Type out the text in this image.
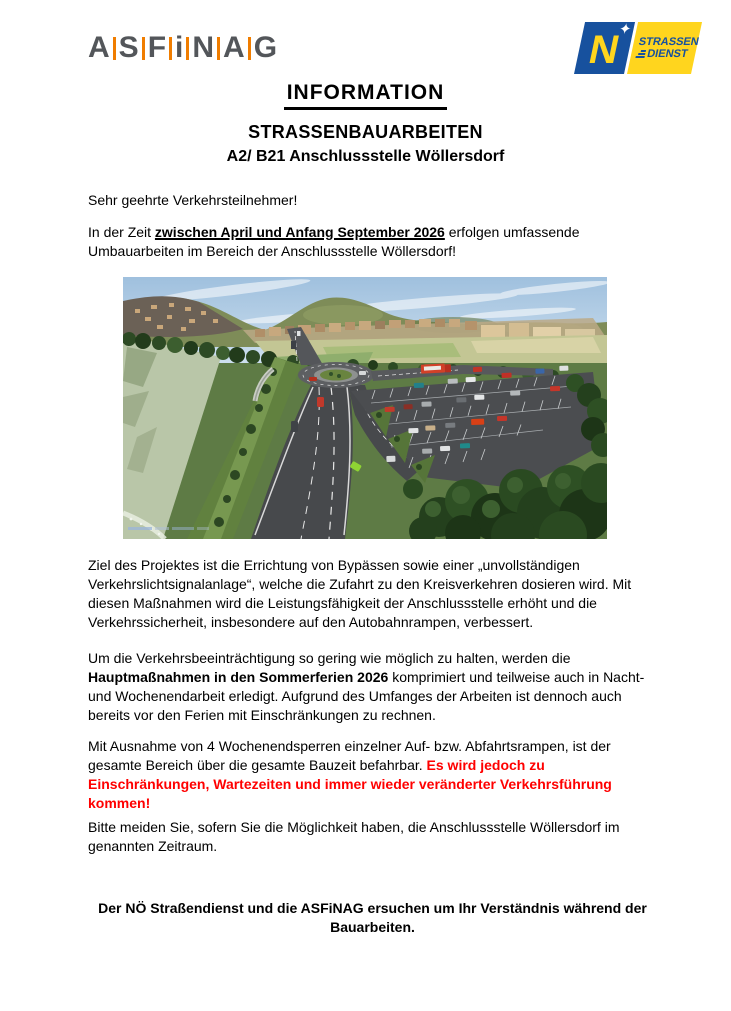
A S F i N A G	N
✦
STRASSEN
DIENST
INFORMATION
STRASSENBAUARBEITEN
A2/ B21 Anschlussstelle Wöllersdorf

Sehr geehrte Verkehrsteilnehmer!

In der Zeit zwischen April und Anfang September 2026 erfolgen umfassende Umbauarbeiten im Bereich der Anschlussstelle Wöllersdorf!

Ziel des Projektes ist die Errichtung von Bypässen sowie einer „unvollständigen Verkehrslichtsignalanlage“, welche die Zufahrt zu den Kreisverkehren dosieren wird. Mit diesen Maßnahmen wird die Leistungsfähigkeit der Anschlussstelle erhöht und die Verkehrssicherheit, insbesondere auf den Autobahnrampen, verbessert.

Um die Verkehrsbeeinträchtigung so gering wie möglich zu halten, werden die Hauptmaßnahmen in den Sommerferien 2026 komprimiert und teilweise auch in Nacht- und Wochenendarbeit erledigt. Aufgrund des Umfanges der Arbeiten ist dennoch auch bereits vor den Ferien mit Einschränkungen zu rechnen.

Mit Ausnahme von 4 Wochenendsperren einzelner Auf- bzw. Abfahrtsrampen, ist der gesamte Bereich über die gesamte Bauzeit befahrbar. Es wird jedoch zu Einschränkungen, Wartezeiten und immer wieder veränderter Verkehrsführung kommen!

Bitte meiden Sie, sofern Sie die Möglichkeit haben, die Anschlussstelle Wöllersdorf im genannten Zeitraum.

Der NÖ Straßendienst und die ASFiNAG ersuchen um Ihr Verständnis während der Bauarbeiten.
